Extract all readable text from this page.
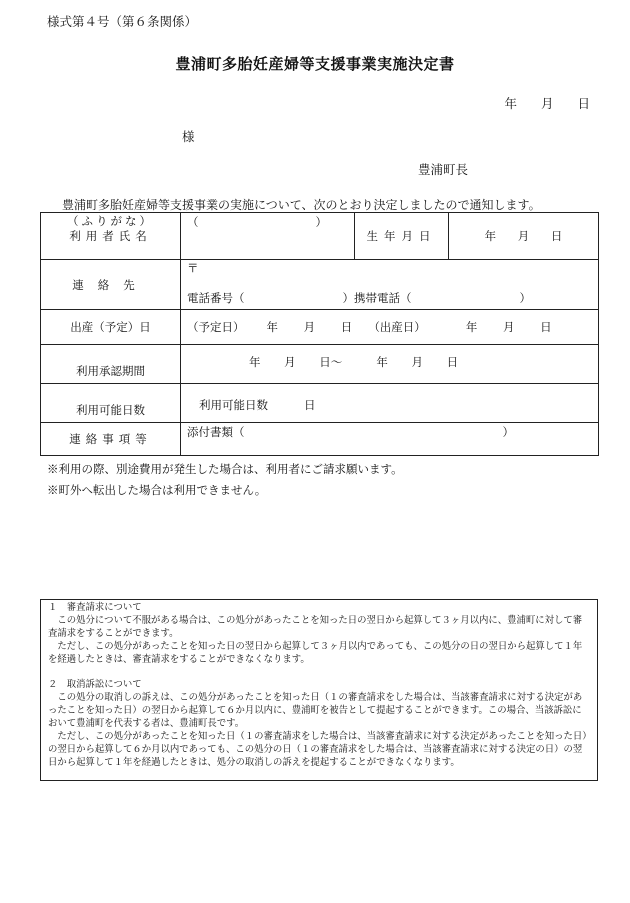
様式第４号（第６条関係）
豊浦町多胎妊産婦等支援事業実施決定書
年 月 日
様
豊浦町長
豊浦町多胎妊産婦等支援事業の実施について、次のとおり決定しましたので通知します。
（ふりがな）
利用者氏名	（ ）	生年月日	年 月 日
連絡先	〒
電話番号（ ）携帯電話（ ）		

出産（予定）日	（予定日） 年 月 日 （出産日） 年 月 日		
利用承認期間	年 月 日〜 年 月 日		
利用可能日数	利用可能日数 日		
連絡事項等	添付書類（ ）		
※利用の際、別途費用が発生した場合は、利用者にご請求願います。
※町外へ転出した場合は利用できません。

１　審査請求について

この処分について不服がある場合は、この処分があったことを知った日の翌日から起算して３ヶ月以内に、豊浦町に対して審査請求をすることができます。

ただし、この処分があったことを知った日の翌日から起算して３ヶ月以内であっても、この処分の日の翌日から起算して１年を経過したときは、審査請求をすることができなくなります。

２　取消訴訟について

この処分の取消しの訴えは、この処分があったことを知った日（１の審査請求をした場合は、当該審査請求に対する決定があったことを知った日）の翌日から起算して６か月以内に、豊浦町を被告として提起することができます。この場合、当該訴訟において豊浦町を代表する者は、豊浦町長です。

ただし、この処分があったことを知った日（１の審査請求をした場合は、当該審査請求に対する決定があったことを知った日）の翌日から起算して６か月以内であっても、この処分の日（１の審査請求をした場合は、当該審査請求に対する決定の日）の翌日から起算して１年を経過したときは、処分の取消しの訴えを提起することができなくなります。
